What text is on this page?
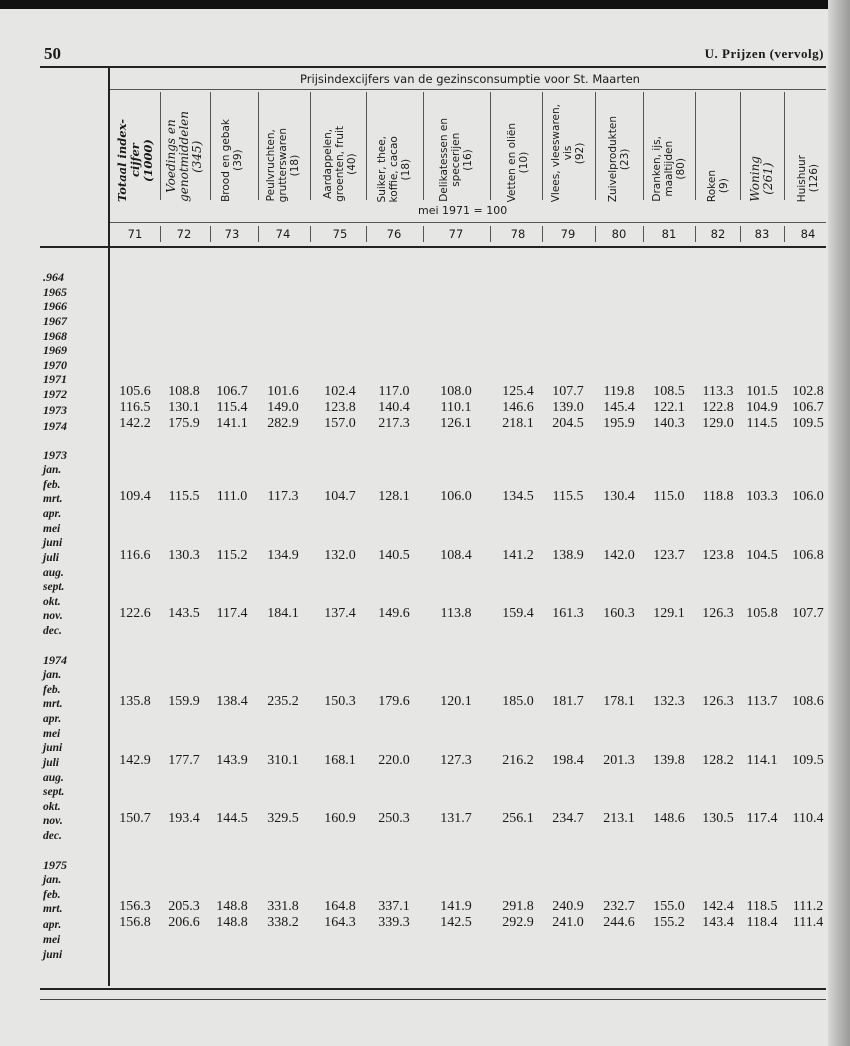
50	U. Prijzen (vervolg)
Prijsindexcijfers van de gezinsconsumptie voor St. Maarten
Totaal index- cijfer (1000)
71
Voedings en genotmiddelen (345)
72
Brood en gebak (39)
73
Peulvruchten, grutterswaren (18)
74
Aardappelen, groenten, fruit (40)
75
Suiker, thee, koffie, cacao (18)
76
Delikatessen en specerijen (16)
77
Vetten en oliën (10)
78
Vlees, vleeswaren, vis (92)
79
Zuivelprodukten (23)
80
Dranken, ijs, maaltijden (80)
81
Roken (9)
82
Woning (261)
83
Huishuur (126)
84
mei 1971 = 100
.964
1965
1966
1967
1968
1969
1970
1971
1972	105.6	108.8	106.7	101.6	102.4	117.0	108.0	125.4	107.7	119.8	108.5	113.3 101.5	102.8
1973	116.5	130.1	115.4	149.0	123.8	140.4	110.1	146.6	139.0	145.4	122.1	122.8 104.9	106.7
1974	142.2	175.9	141.1	282.9	157.0	217.3	126.1	218.1	204.5	195.9	140.3	129.0 114.5	109.5
1973
jan.
feb.
mrt.	109.4	115.5	111.0	117.3	104.7	128.1	106.0	134.5	115.5	130.4	115.0	118.8 103.3	106.0
apr.
mei
juni
juli	116.6	130.3	115.2	134.9	132.0	140.5	108.4	141.2	138.9	142.0	123.7	123.8 104.5	106.8
aug.
sept.
okt.
nov.	122.6	143.5	117.4	184.1	137.4	149.6	113.8	159.4	161.3	160.3	129.1	126.3 105.8	107.7
dec.
1974
jan.
feb.
mrt.	135.8	159.9	138.4	235.2	150.3	179.6	120.1	185.0	181.7	178.1	132.3	126.3 113.7	108.6
apr.
mei
juni
juli	142.9	177.7	143.9	310.1	168.1	220.0	127.3	216.2	198.4	201.3	139.8	128.2 114.1	109.5
aug.
sept.
okt.
nov.	150.7	193.4	144.5	329.5	160.9	250.3	131.7	256.1	234.7	213.1	148.6	130.5 117.4	110.4
dec.
1975
jan.
feb.
mrt.	156.3	205.3	148.8	331.8	164.8	337.1	141.9	291.8	240.9	232.7	155.0	142.4 118.5	111.2
apr.	156.8	206.6	148.8	338.2	164.3	339.3	142.5	292.9	241.0	244.6	155.2	143.4 118.4	111.4
mei
juni
